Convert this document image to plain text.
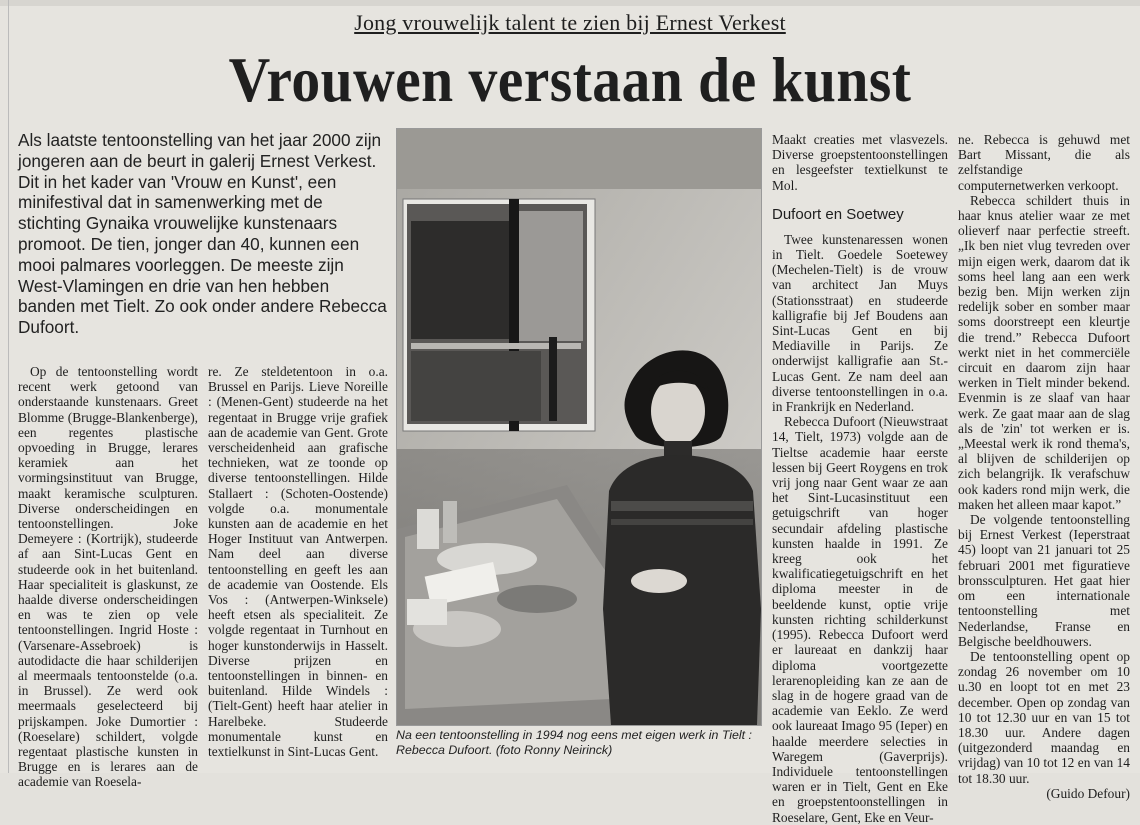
Jong vrouwelijk talent te zien bij Ernest Verkest
Vrouwen verstaan de kunst
Als laatste tentoonstelling van het jaar 2000 zijn jongeren aan de beurt in galerij Ernest Verkest. Dit in het kader van 'Vrouw en Kunst', een minifestival dat in samenwerking met de stichting Gynaika vrouwelijke kunstenaars promoot. De tien, jonger dan 40, kunnen een mooi palmares voorleggen. De meeste zijn West-Vlamingen en drie van hen hebben banden met Tielt. Zo ook onder andere Rebecca Dufoort.

Op de tentoonstelling wordt recent werk getoond van onderstaande kunstenaars. Greet Blomme (Brugge-Blankenberge), een regentes plastische opvoeding in Brugge, lerares keramiek aan het vormingsinstituut van Brugge, maakt keramische sculpturen. Diverse onderscheidingen en tentoonstellingen. Joke Demeyere : (Kortrijk), studeerde af aan Sint-Lucas Gent en studeerde ook in het buitenland. Haar specialiteit is glaskunst, ze haalde diverse onderscheidingen en was te zien op vele tentoonstellingen. Ingrid Hoste : (Varsenare-Assebroek) is autodidacte die haar schilderijen al meermaals tentoonstelde (o.a. in Brussel). Ze werd ook meermaals geselecteerd bij prijskampen. Joke Dumortier : (Roeselare) schildert, volgde regentaat plastische kunsten in Brugge en is lerares aan de academie van Roesela-

re. Ze steldetentoon in o.a. Brussel en Parijs. Lieve Noreille : (Menen-Gent) studeerde na het regentaat in Brugge vrije grafiek aan de academie van Gent. Grote verscheidenheid aan grafische technieken, wat ze toonde op diverse tentoonstellingen. Hilde Stallaert : (Schoten-Oostende) volgde o.a. monumentale kunsten aan de academie en het Hoger Instituut van Antwerpen. Nam deel aan diverse tentoonstelling en geeft les aan de academie van Oostende. Els Vos : (Antwerpen-Winkselе) heeft etsen als specialiteit. Ze volgde regentaat in Turnhout en hoger kunstonderwijs in Hasselt. Diverse prijzen en tentoonstellingen in binnen- en buitenland. Hilde Windels : (Tielt-Gent) heeft haar atelier in Harelbeke. Studeerde monumentale kunst en textielkunst in Sint-Lucas Gent.

Na een tentoonstelling in 1994 nog eens met eigen werk in Tielt : Rebecca Dufoort. (foto Ronny Neirinck)

Maakt creaties met vlasvezels. Diverse groepstentoonstellingen en lesgeefster textielkunst te Mol.

Dufoort en Soetwey

Twee kunstenaressen wonen in Tielt. Goedele Soetewey (Mechelen-Tielt) is de vrouw van architect Jan Muys (Stationsstraat) en studeerde kalligrafie bij Jef Boudens aan Sint-Lucas Gent en bij Mediaville in Parijs. Ze onderwijst kalligrafie aan St.-Lucas Gent. Ze nam deel aan diverse tentoonstellingen in o.a. in Frankrijk en Nederland.

Rebecca Dufoort (Nieuwstraat 14, Tielt, 1973) volgde aan de Tieltse academie haar eerste lessen bij Geert Roygens en trok vrij jong naar Gent waar ze aan het Sint-Lucasinstituut een getuigschrift van hoger secundair afdeling plastische kunsten haalde in 1991. Ze kreeg ook het kwalificatiegetuigschrift en het diploma meester in de beeldende kunst, optie vrije kunsten richting schilderkunst (1995). Rebecca Dufoort werd er laureaat en dankzij haar diploma voortgezette lerarenopleiding kan ze aan de slag in de hogere graad van de academie van Eeklo. Ze werd ook laureaat Imago 95 (Ieper) en haalde meerdere selecties in Waregem (Gaverprijs). Individuele tentoonstellingen waren er in Tielt, Gent en Eke en groepstentoonstellingen in Roeselare, Gent, Eke en Veur-

ne. Rebecca is gehuwd met Bart Missant, die als zelfstandige computernetwerken verkoopt.

Rebecca schildert thuis in haar knus atelier waar ze met olieverf naar perfectie streeft. „Ik ben niet vlug tevreden over mijn eigen werk, daarom dat ik soms heel lang aan een werk bezig ben. Mijn werken zijn redelijk sober en somber maar soms doorstreept een kleurtje die trend.” Rebecca Dufoort werkt niet in het commerciële circuit en daarom zijn haar werken in Tielt minder bekend. Evenmin is ze slaaf van haar werk. Ze gaat maar aan de slag als de 'zin' tot werken er is. „Meestal werk ik rond thema's, al blijven de schilderijen op zich belangrijk. Ik verafschuw ook kaders rond mijn werk, die maken het alleen maar kapot.”

De volgende tentoonstelling bij Ernest Verkest (Ieperstraat 45) loopt van 21 januari tot 25 februari 2001 met figuratieve bronssculpturen. Het gaat hier om een internationale tentoonstelling met Nederlandse, Franse en Belgische beeldhouwers.

De tentoonstelling opent op zondag 26 november om 10 u.30 en loopt tot en met 23 december. Open op zondag van 10 tot 12.30 uur en van 15 tot 18.30 uur. Andere dagen (uitgezonderd maandag en vrijdag) van 10 tot 12 en van 14 tot 18.30 uur.

(Guido Defour)
